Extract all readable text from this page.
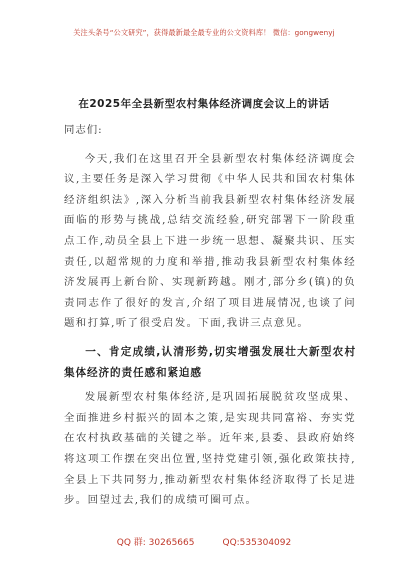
关注头条号“公文研究”，获得最新最全最专业的公文资料库！ 微信：gongwenyj
在2025年全县新型农村集体经济调度会议上的讲话

同志们:

今天,我们在这里召开全县新型农村集体经济调度会议,主要任务是深入学习贯彻《中华人民共和国农村集体经济组织法》,深入分析当前我县新型农村集体经济发展面临的形势与挑战,总结交流经验,研究部署下一阶段重点工作,动员全县上下进一步统一思想、凝聚共识、压实责任,以超常规的力度和举措,推动我县新型农村集体经济发展再上新台阶、实现新跨越。刚才,部分乡(镇)的负责同志作了很好的发言,介绍了项目进展情况,也谈了问题和打算,听了很受启发。下面,我讲三点意见。

一、肯定成绩,认清形势,切实增强发展壮大新型农村集体经济的责任感和紧迫感

发展新型农村集体经济,是巩固拓展脱贫攻坚成果、全面推进乡村振兴的固本之策,是实现共同富裕、夯实党在农村执政基础的关键之举。近年来,县委、县政府始终将这项工作摆在突出位置,坚持党建引领,强化政策扶持,全县上下共同努力,推动新型农村集体经济取得了长足进步。回望过去,我们的成绩可圈可点。

QQ 群: 30265665	QQ:535304092
